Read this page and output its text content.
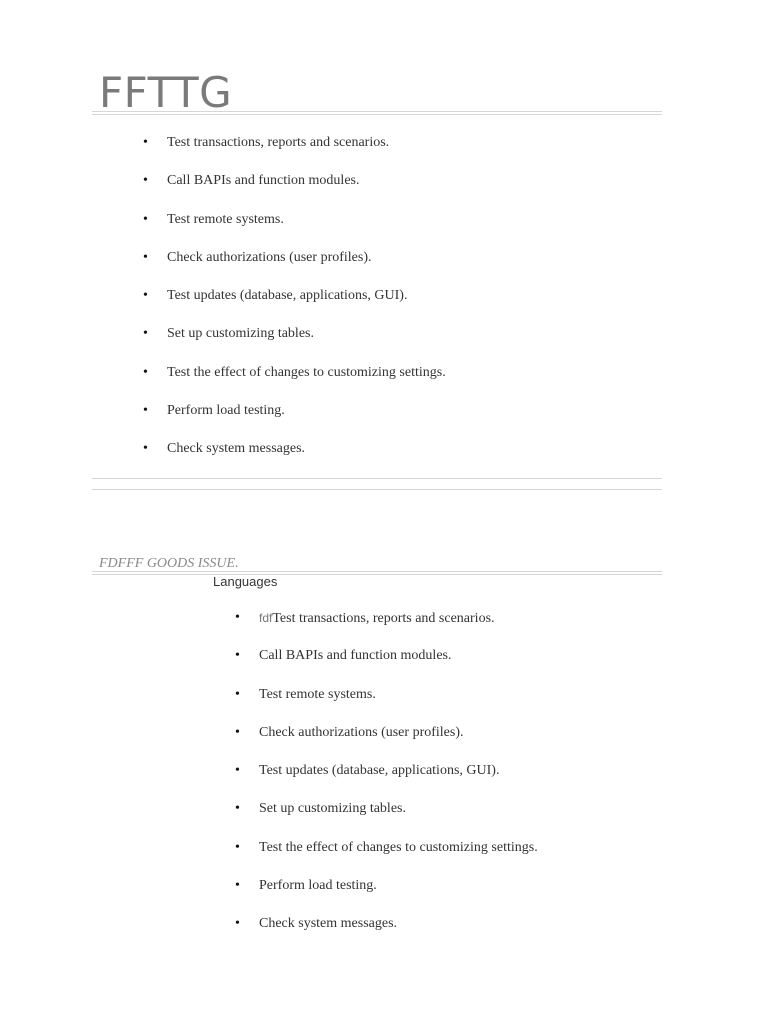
FFTTG
• Test transactions, reports and scenarios.
• Call BAPIs and function modules.
• Test remote systems.
• Check authorizations (user profiles).
• Test updates (database, applications, GUI).
• Set up customizing tables.
• Test the effect of changes to customizing settings.
• Perform load testing.
• Check system messages.

FDFFF GOODS ISSUE.

Languages
• fdfTest transactions, reports and scenarios.
• Call BAPIs and function modules.
• Test remote systems.
• Check authorizations (user profiles).
• Test updates (database, applications, GUI).
• Set up customizing tables.
• Test the effect of changes to customizing settings.
• Perform load testing.
• Check system messages.
